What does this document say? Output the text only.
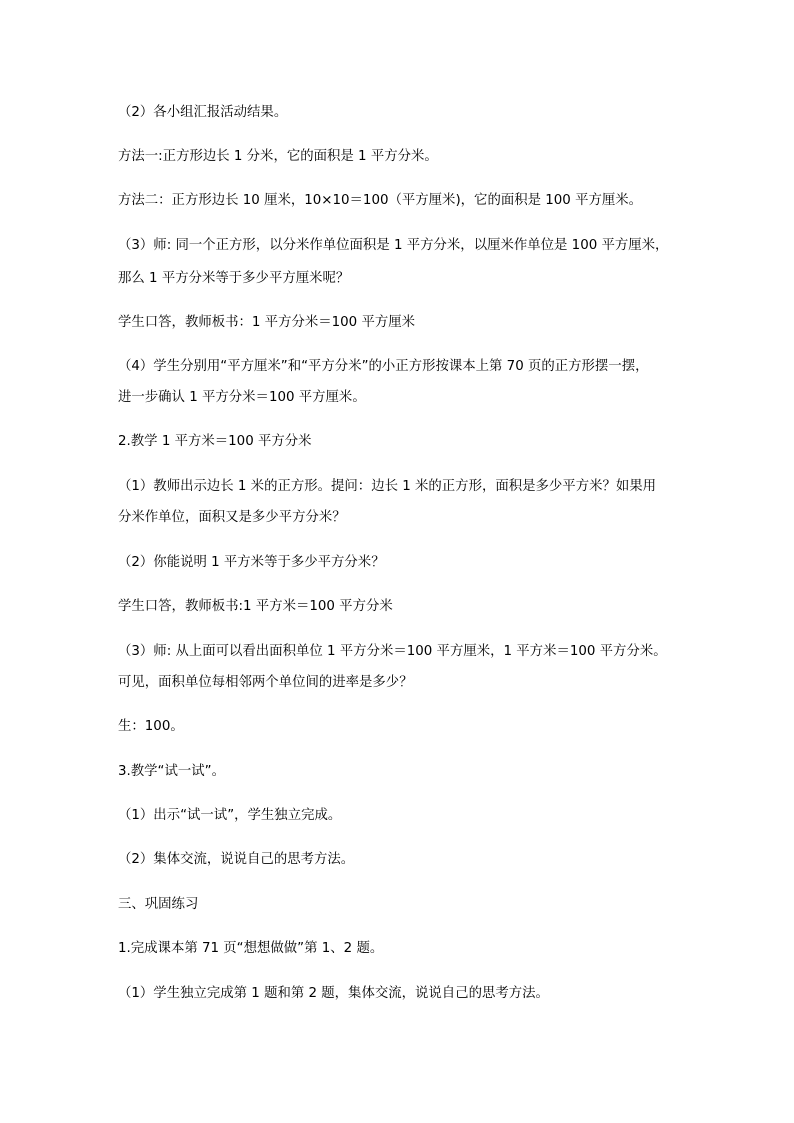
（2）各小组汇报活动结果。
方法一:正方形边长 1 分米，它的面积是 1 平方分米。
方法二：正方形边长 10 厘米，10×10＝100（平方厘米)，它的面积是 100 平方厘米。
（3）师: 同一个正方形，以分米作单位面积是 1 平方分米，以厘米作单位是 100 平方厘米，
那么 1 平方分米等于多少平方厘米呢？
学生口答，教师板书：1 平方分米＝100 平方厘米
（4）学生分别用“平方厘米”和“平方分米”的小正方形按课本上第 70 页的正方形摆一摆，
进一步确认 1 平方分米＝100 平方厘米。
2.教学 1 平方米＝100 平方分米
（1）教师出示边长 1 米的正方形。提问：边长 1 米的正方形，面积是多少平方米？如果用
分米作单位，面积又是多少平方分米？
（2）你能说明 1 平方米等于多少平方分米？
学生口答，教师板书:1 平方米＝100 平方分米
（3）师: 从上面可以看出面积单位 1 平方分米＝100 平方厘米，1 平方米＝100 平方分米。
可见，面积单位每相邻两个单位间的进率是多少？
生：100。
3.教学“试一试”。
（1）出示“试一试”，学生独立完成。
（2）集体交流，说说自己的思考方法。
三、巩固练习
1.完成课本第 71 页“想想做做”第 1、2 题。
（1）学生独立完成第 1 题和第 2 题，集体交流，说说自己的思考方法。
